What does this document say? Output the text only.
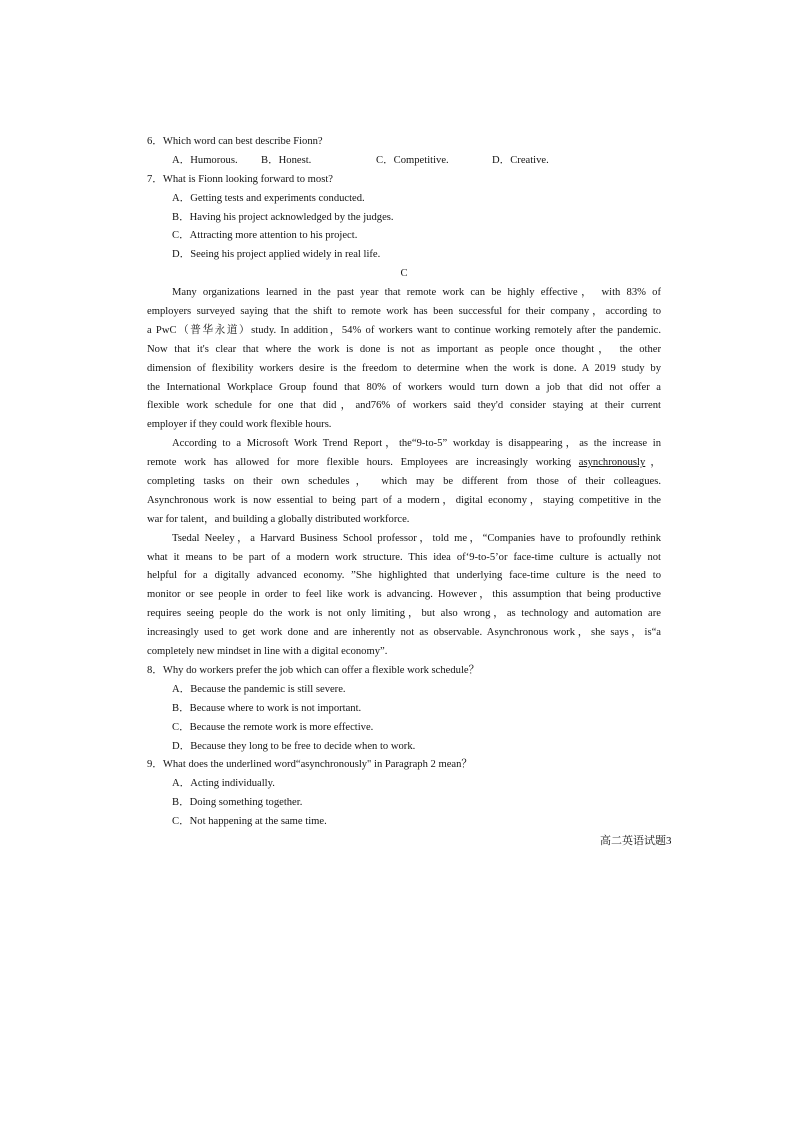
6．Which word can best describe Fionn?
A．Humorous. B．Honest.	C．Competitive.	D．Creative.
7．What is Fionn looking forward to most?
A．Getting tests and experiments conducted.
B．Having his project acknowledged by the judges.
C．Attracting more attention to his project.
D．Seeing his project applied widely in real life.
C
Many organizations learned in the past year that remote work can be highly effective， with 83% of
employers surveyed saying that the shift to remote work has been successful for their company，according to
a PwC（普华永道）study. In addition，54% of workers want to continue working remotely after the pandemic.
Now that it's clear that where the work is done is not as important as people once thought， the other
dimension of flexibility workers desire is the freedom to determine when the work is done. A 2019 study by
the International Workplace Group found that 80% of workers would turn down a job that did not offer a
flexible work schedule for one that did，and76% of workers said they'd consider staying at their current
employer if they could work flexible hours.
According to a Microsoft Work Trend Report，the“9-to-5” workday is disappearing，as the increase in
remote work has allowed for more flexible hours. Employees are increasingly working asynchronously，
completing tasks on their own schedules， which may be different from those of their colleagues.
Asynchronous work is now essential to being part of a modern，digital economy，staying competitive in the
war for talent，and building a globally distributed workforce.
Tsedal Neeley，a Harvard Business School professor，told me，“Companies have to profoundly rethink
what it means to be part of a modern work structure. This idea of‘9-to-5’or face-time culture is actually not
helpful for a digitally advanced economy. ”She highlighted that underlying face-time culture is the need to
monitor or see people in order to feel like work is advancing. However，this assumption that being productive
requires seeing people do the work is not only limiting，but also wrong，as technology and automation are
increasingly used to get work done and are inherently not as observable. Asynchronous work，she says，is“a
completely new mindset in line with a digital economy”.
8．Why do workers prefer the job which can offer a flexible work schedule？
A．Because the pandemic is still severe.
B．Because where to work is not important.
C．Because the remote work is more effective.
D．Because they long to be free to decide when to work.
9．What does the underlined word“asynchronously" in Paragraph 2 mean？
A．Acting individually.
B．Doing something together.
C．Not happening at the same time.
高二英语试题3
